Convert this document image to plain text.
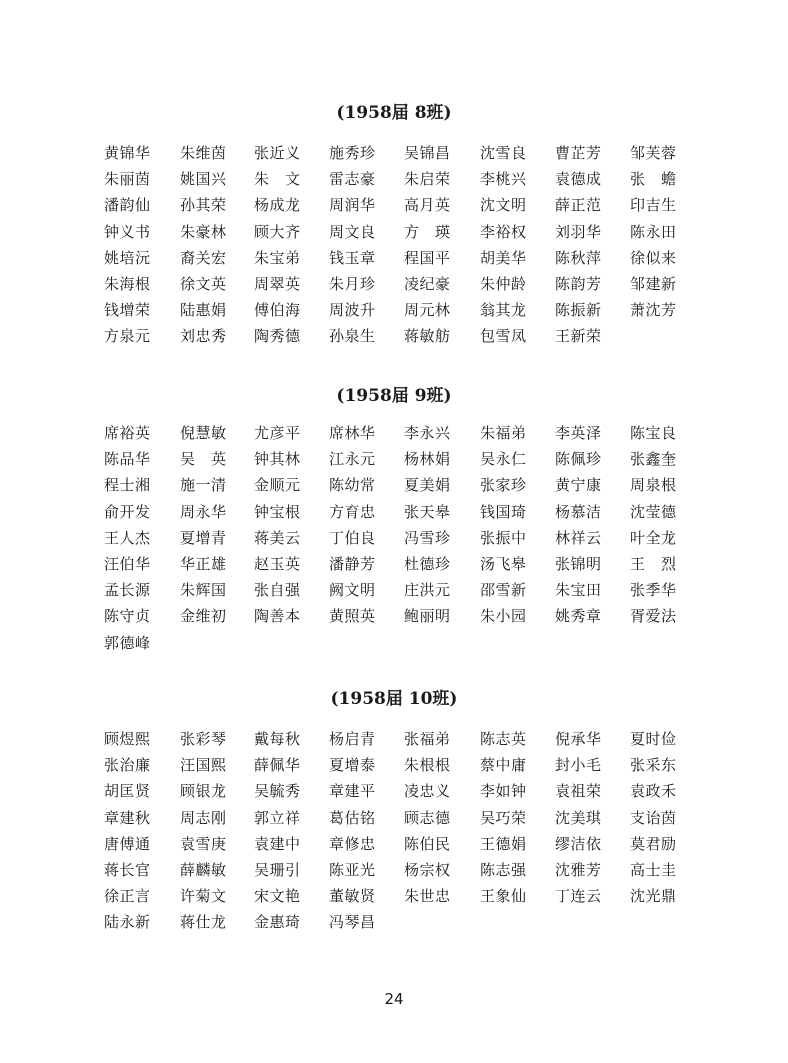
(1958届 8班)
黄锦华 朱维茵 张近义 施秀珍 吴锦昌 沈雪良 曹芷芳 邹芙蓉
朱丽茵 姚国兴 朱　文 雷志豪 朱启荣 李桃兴 袁德成 张　蟾
潘韵仙 孙其荣 杨成龙 周润华 高月英 沈文明 薛正范 印吉生
钟义书 朱豪林 顾大齐 周文良 方　瑛 李裕权 刘羽华 陈永田
姚培沅 裔关宏 朱宝弟 钱玉章 程国平 胡美华 陈秋萍 徐似来
朱海根 徐文英 周翠英 朱月珍 凌纪豪 朱仲龄 陈韵芳 邹建新
钱增荣 陆惠娟 傅伯海 周波升 周元林 翁其龙 陈振新 萧沈芳
方泉元 刘忠秀 陶秀德 孙泉生 蒋敏舫 包雪凤 王新荣
(1958届 9班)
席裕英 倪慧敏 尤彦平 席林华 李永兴 朱福弟 李英泽 陈宝良
陈品华 吴　英 钟其林 江永元 杨林娟 吴永仁 陈佩珍 张鑫奎
程士湘 施一清 金顺元 陈幼常 夏美娟 张家珍 黄宁康 周泉根
俞开发 周永华 钟宝根 方育忠 张天皋 钱国琦 杨慕洁 沈莹德
王人杰 夏增青 蒋美云 丁伯良 冯雪珍 张振中 林祥云 叶全龙
汪伯华 华正雄 赵玉英 潘静芳 杜德珍 汤飞皋 张锦明 王　烈
孟长源 朱辉国 张自强 阙文明 庄洪元 邵雪新 朱宝田 张季华
陈守贞 金维初 陶善本 黄照英 鲍丽明 朱小园 姚秀章 胥爱法
郭德峰
(1958届 10班)
顾煜熙 张彩琴 戴每秋 杨启青 张福弟 陈志英 倪承华 夏时俭
张治廉 汪国熙 薛佩华 夏增泰 朱根根 蔡中庸 封小毛 张采东
胡匡贤 顾银龙 吴毓秀 章建平 凌忠义 李如钟 袁祖荣 袁政禾
章建秋 周志刚 郭立祥 葛估铭 顾志德 吴巧荣 沈美琪 支诒茵
唐傅通 袁雪庚 袁建中 章修忠 陈伯民 王德娟 缪洁依 莫君励
蒋长官 薛麟敏 吴珊引 陈亚光 杨宗权 陈志强 沈雅芳 高士圭
徐正言 许菊文 宋文艳 董敏贤 朱世忠 王象仙 丁连云 沈光鼎
陆永新 蒋仕龙 金惠琦 冯琴昌
24
